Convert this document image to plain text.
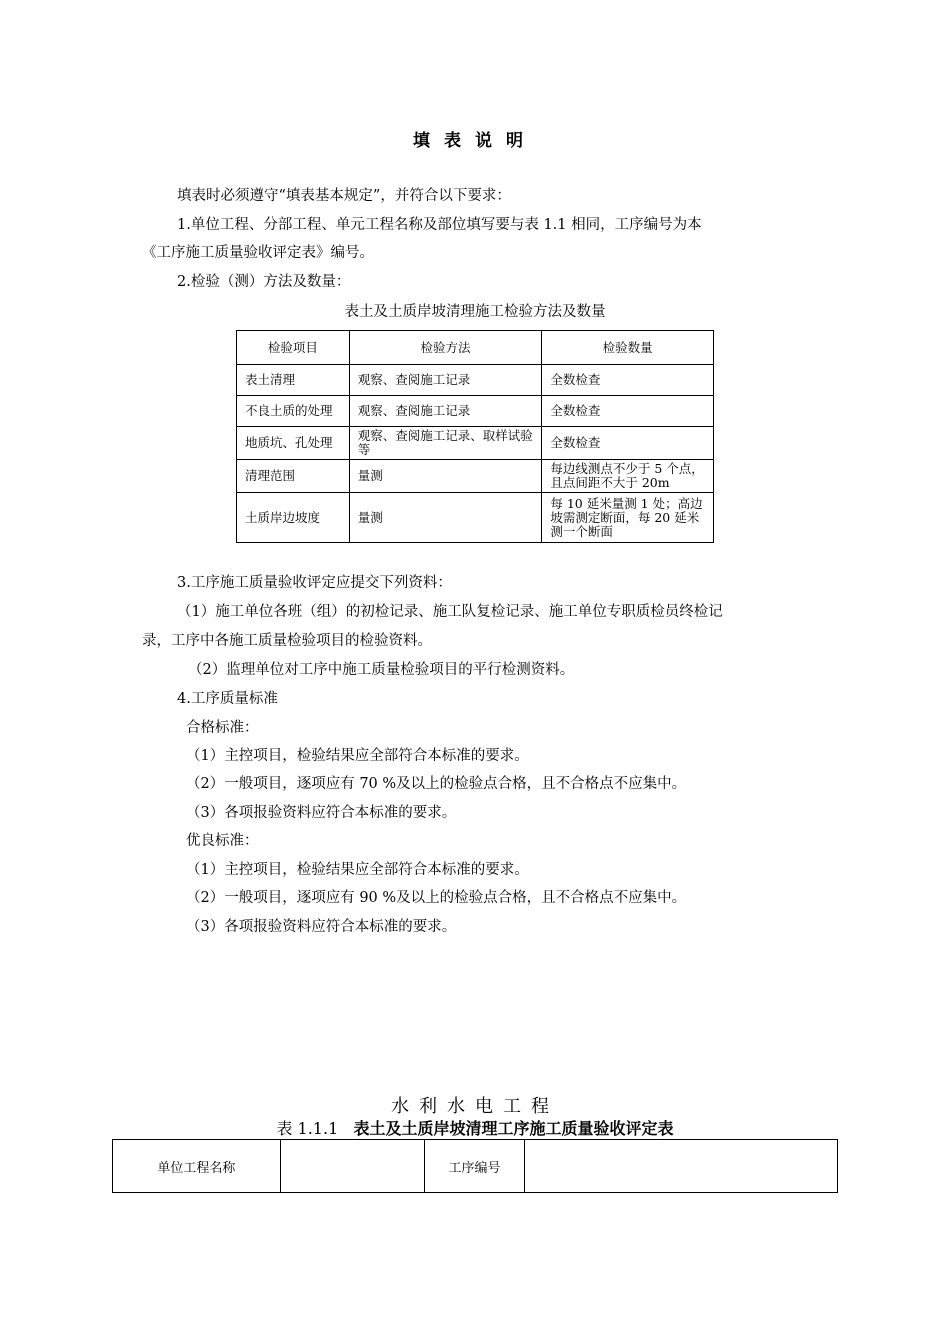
填表说明
填表时必须遵守“填表基本规定”，并符合以下要求：
1.单位工程、分部工程、单元工程名称及部位填写要与表 1.1 相同，工序编号为本
《工序施工质量验收评定表》编号。
2.检验（测）方法及数量：
表土及土质岸坡清理施工检验方法及数量
检验项目	检验方法	检验数量
表土清理	观察、查阅施工记录	全数检查
不良土质的处理	观察、查阅施工记录	全数检查
地质坑、孔处理	观察、查阅施工记录、取样试验等	全数检查
清理范围	量测	每边线测点不少于 5 个点，且点间距不大于 20m
土质岸边坡度	量测	每 10 延米量测 1 处；高边坡需测定断面，每 20 延米测一个断面
3.工序施工质量验收评定应提交下列资料：
（1）施工单位各班（组）的初检记录、施工队复检记录、施工单位专职质检员终检记
录，工序中各施工质量检验项目的检验资料。
（2）监理单位对工序中施工质量检验项目的平行检测资料。
4.工序质量标准
合格标准：
（1）主控项目，检验结果应全部符合本标准的要求。
（2）一般项目，逐项应有 70 %及以上的检验点合格，且不合格点不应集中。
（3）各项报验资料应符合本标准的要求。
优良标准：
（1）主控项目，检验结果应全部符合本标准的要求。
（2）一般项目，逐项应有 90 %及以上的检验点合格，且不合格点不应集中。
（3）各项报验资料应符合本标准的要求。
水利水电工程
表 1.1.1 表土及土质岸坡清理工序施工质量验收评定表
单位工程名称		工序编号	
